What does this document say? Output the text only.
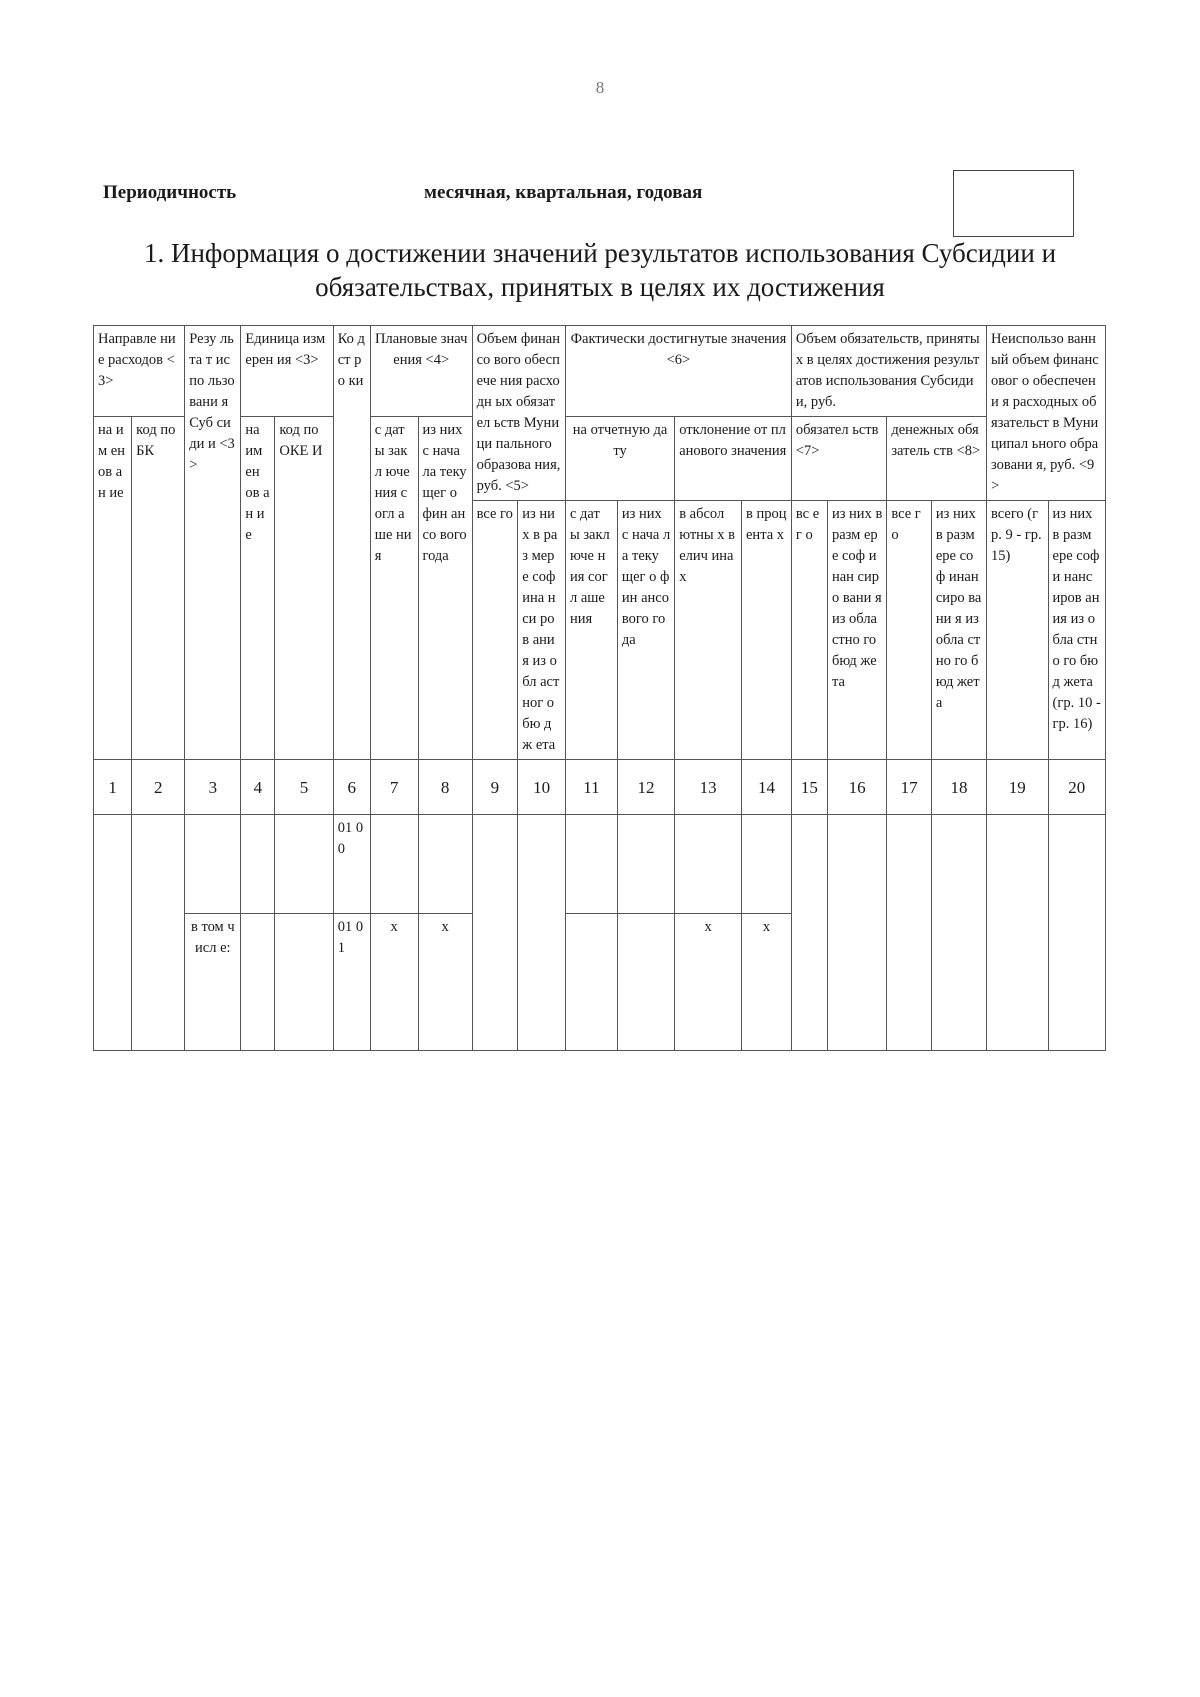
8
Периодичность	месячная, квартальная, годовая
1. Информация о достижении значений результатов использования Субсидии и
обязательствах, принятых в целях их достижения
Направле ние расходов <3>		Резу льта т испо льзо вани я Суб сиди и <3>	Единица измерен ия <3>		Ко д ст ро ки	Плановые значения <4>		Объем финансо вого обеспече ния расходн ых обязател ьств Муници пального образова ния, руб. <5>		Фактически достигнутые значения <6>				Объем обязательств, принятых в целях достижения результатов использования Субсидии, руб.				Неиспользо ванный объем финансовог о обеспечени я расходных обязательст в Муниципал ьного образовани я, руб. <9>	
на им ен ов ан ие	код по БК		на им ен ов ан ие	код по ОКЕ И		с дат ы закл юче ния согл аше ния	из них с нача ла теку щег о фин ансо вого года			на отчетную дату		отклонение от планового значения		обязател ьств <7>		денежных обязатель ств <8>			
								все го	из них в раз мер е соф ина нси ров ани я из обл аст ног о бю дж ета	с дат ы закл юче ния согл аше ния	из них с нача ла теку щег о фин ансо вого года	в абсол ютны х велич инах	в проц ента х	вс ег о	из них в разм ере соф инан сиро вани я из обла стно го бюд жета	все го	из них в разм ере соф инан сиро вани я из обла стно го бюд жета	всего (гр. 9 - гр. 15)	из них в разм ере софи нанс иров ания из обла стно го бюд жета (гр. 10 - гр. 16)
1	2	3	4	5	6	7	8	9	10	11	12	13	14	15	16	17	18	19	20
					01 00														
		в том числ е:			01 01	x	x					x	x						
